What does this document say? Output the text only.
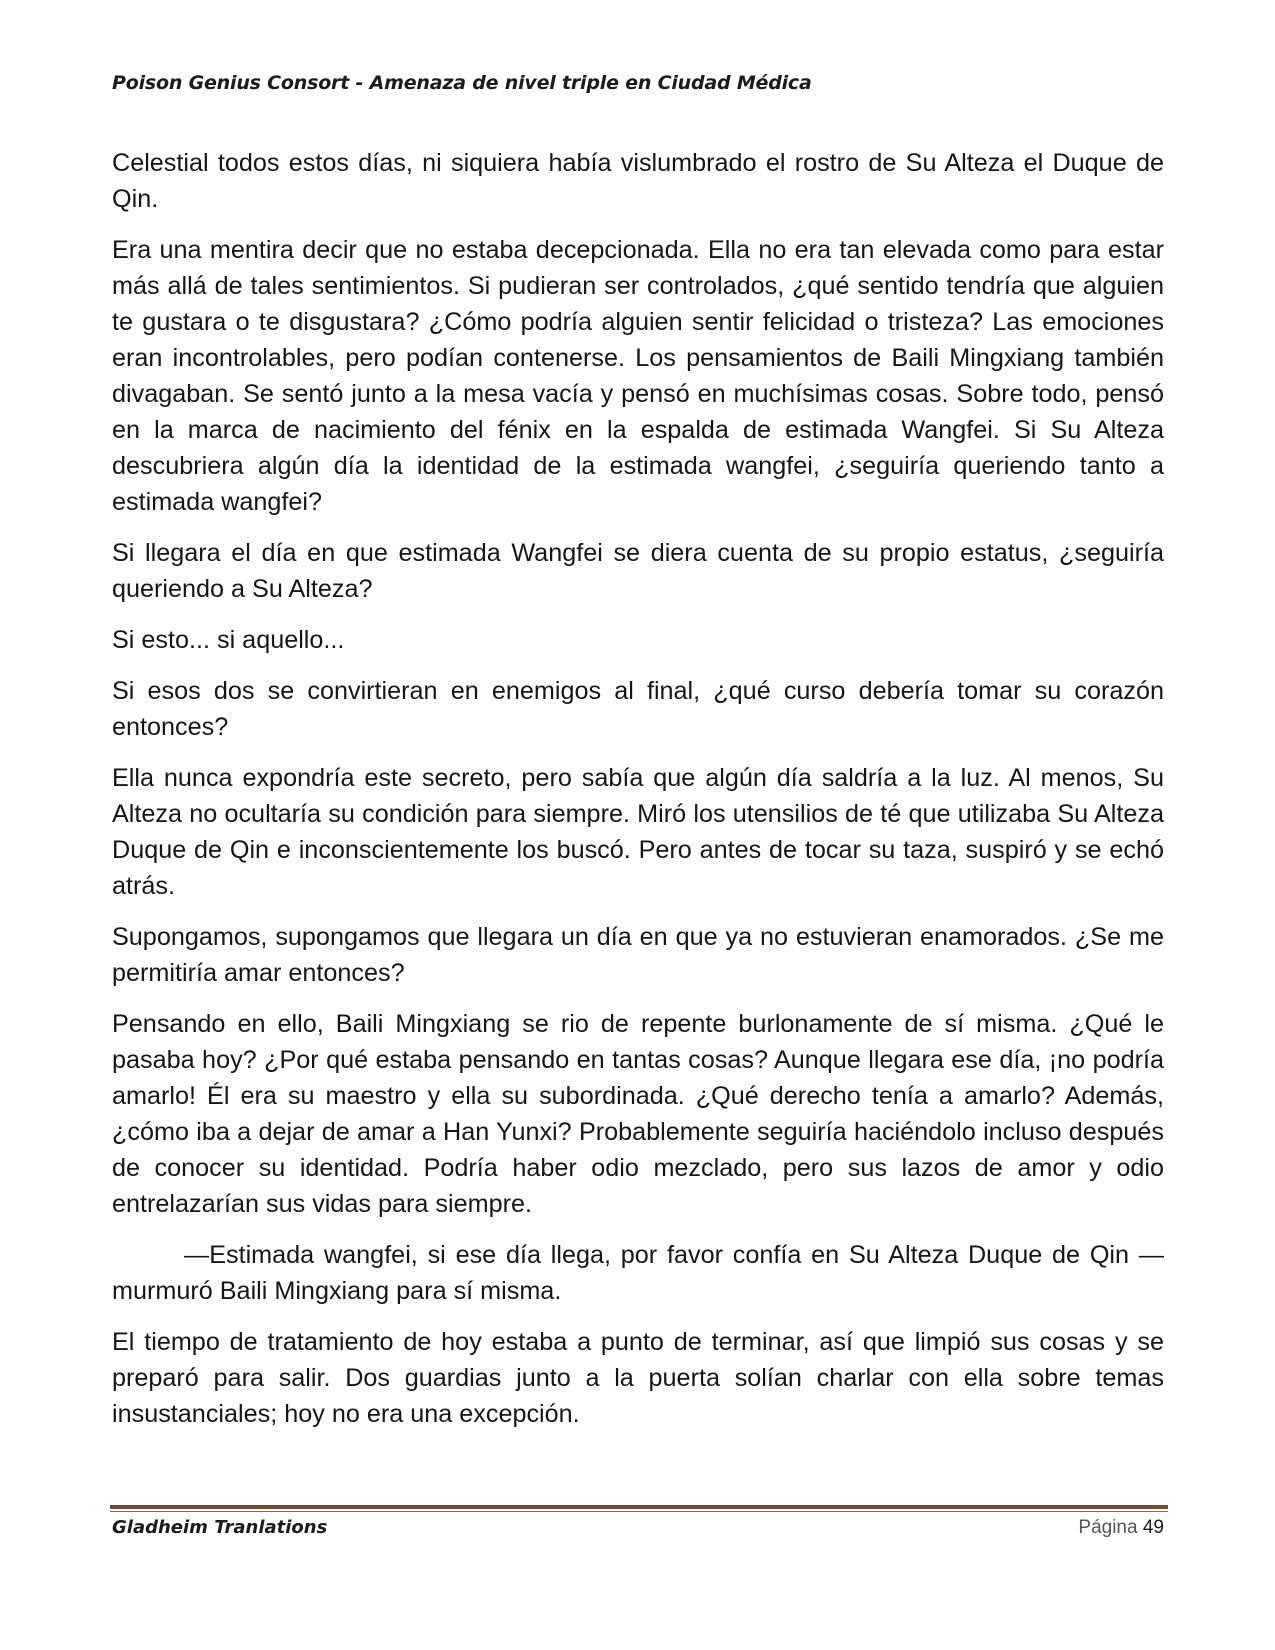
Poison Genius Consort - Amenaza de nivel triple en Ciudad Médica

Celestial todos estos días, ni siquiera había vislumbrado el rostro de Su Alteza el Duque de Qin.

Era una mentira decir que no estaba decepcionada. Ella no era tan elevada como para estar más allá de tales sentimientos. Si pudieran ser controlados, ¿qué sentido tendría que alguien te gustara o te disgustara? ¿Cómo podría alguien sentir felicidad o tristeza? Las emociones eran incontrolables, pero podían contenerse. Los pensamientos de Baili Mingxiang también divagaban. Se sentó junto a la mesa vacía y pensó en muchísimas cosas. Sobre todo, pensó en la marca de nacimiento del fénix en la espalda de estimada Wangfei. Si Su Alteza descubriera algún día la identidad de la estimada wangfei, ¿seguiría queriendo tanto a estimada wangfei?

Si llegara el día en que estimada Wangfei se diera cuenta de su propio estatus, ¿seguiría queriendo a Su Alteza?

Si esto... si aquello...

Si esos dos se convirtieran en enemigos al final, ¿qué curso debería tomar su corazón entonces?

Ella nunca expondría este secreto, pero sabía que algún día saldría a la luz. Al menos, Su Alteza no ocultaría su condición para siempre. Miró los utensilios de té que utilizaba Su Alteza Duque de Qin e inconscientemente los buscó. Pero antes de tocar su taza, suspiró y se echó atrás.

Supongamos, supongamos que llegara un día en que ya no estuvieran enamorados. ¿Se me permitiría amar entonces?

Pensando en ello, Baili Mingxiang se rio de repente burlonamente de sí misma. ¿Qué le pasaba hoy? ¿Por qué estaba pensando en tantas cosas? Aunque llegara ese día, ¡no podría amarlo! Él era su maestro y ella su subordinada. ¿Qué derecho tenía a amarlo? Además, ¿cómo iba a dejar de amar a Han Yunxi? Probablemente seguiría haciéndolo incluso después de conocer su identidad. Podría haber odio mezclado, pero sus lazos de amor y odio entrelazarían sus vidas para siempre.

—Estimada wangfei, si ese día llega, por favor confía en Su Alteza Duque de Qin —murmuró Baili Mingxiang para sí misma.

El tiempo de tratamiento de hoy estaba a punto de terminar, así que limpió sus cosas y se preparó para salir. Dos guardias junto a la puerta solían charlar con ella sobre temas insustanciales; hoy no era una excepción.

Gladheim Tranlations	Página 49
